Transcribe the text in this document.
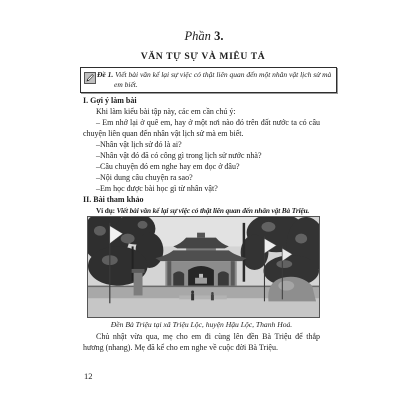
Phần 3.
VĂN TỰ SỰ VÀ MIÊU TẢ
Đề 1. Viết bài văn kể lại sự việc có thật liên quan đến một nhân vật lịch sử mà em biết.

I. Gợi ý làm bài

Khi làm kiểu bài tập này, các em cần chú ý:

– Em nhớ lại ở quê em, hay ở một nơi nào đó trên đất nước ta có câu chuyện liên quan đến nhân vật lịch sử mà em biết.

–Nhân vật lịch sử đó là ai?

–Nhân vật đó đã có công gì trong lịch sử nước nhà?

–Câu chuyện đó em nghe hay em đọc ở đâu?

–Nội dung câu chuyện ra sao?

–Em học được bài học gì từ nhân vật?

II. Bài tham khảo

Ví dụ: Viết bài văn kể lại sự việc có thật liên quan đến nhân vật Bà Triệu.

Đền Bà Triệu tại xã Triệu Lộc, huyện Hậu Lộc, Thanh Hoá.

Chủ nhật vừa qua, mẹ cho em đi cùng lên đền Bà Triệu để thắp hương (nhang). Mẹ đã kể cho em nghe về cuộc đời Bà Triệu.

12
